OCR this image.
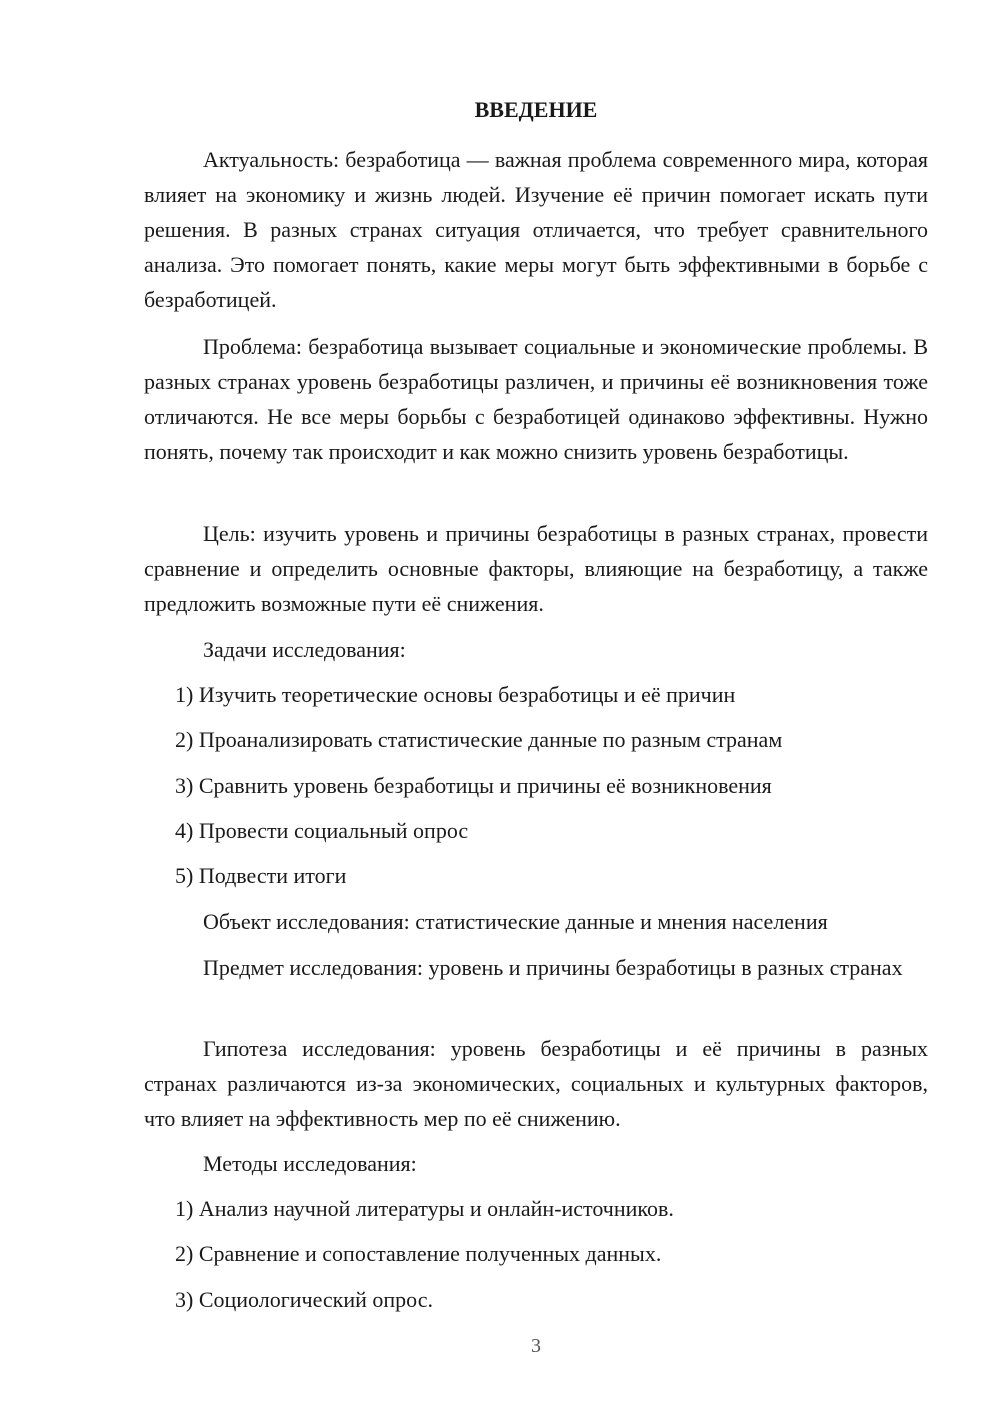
ВВЕДЕНИЕ

Актуальность: безработица — важная проблема современного мира, которая влияет на экономику и жизнь людей. Изучение её причин помогает искать пути решения. В разных странах ситуация отличается, что требует сравнительного анализа. Это помогает понять, какие меры могут быть эффективными в борьбе с безработицей.

Проблема: безработица вызывает социальные и экономические проблемы. В разных странах уровень безработицы различен, и причины её возникновения тоже отличаются. Не все меры борьбы с безработицей одинаково эффективны. Нужно понять, почему так происходит и как можно снизить уровень безработицы.

Цель: изучить уровень и причины безработицы в разных странах, провести сравнение и определить основные факторы, влияющие на безработицу, а также предложить возможные пути её снижения.

Задачи исследования:

1) Изучить теоретические основы безработицы и её причин

2) Проанализировать статистические данные по разным странам

3) Сравнить уровень безработицы и причины её возникновения

4) Провести социальный опрос

5) Подвести итоги

Объект исследования: статистические данные и мнения населения

Предмет исследования: уровень и причины безработицы в разных странах

Гипотеза исследования: уровень безработицы и её причины в разных странах различаются из-за экономических, социальных и культурных факторов, что влияет на эффективность мер по её снижению.

Методы исследования:

1) Анализ научной литературы и онлайн-источников.

2) Сравнение и сопоставление полученных данных.

3) Социологический опрос.

3
